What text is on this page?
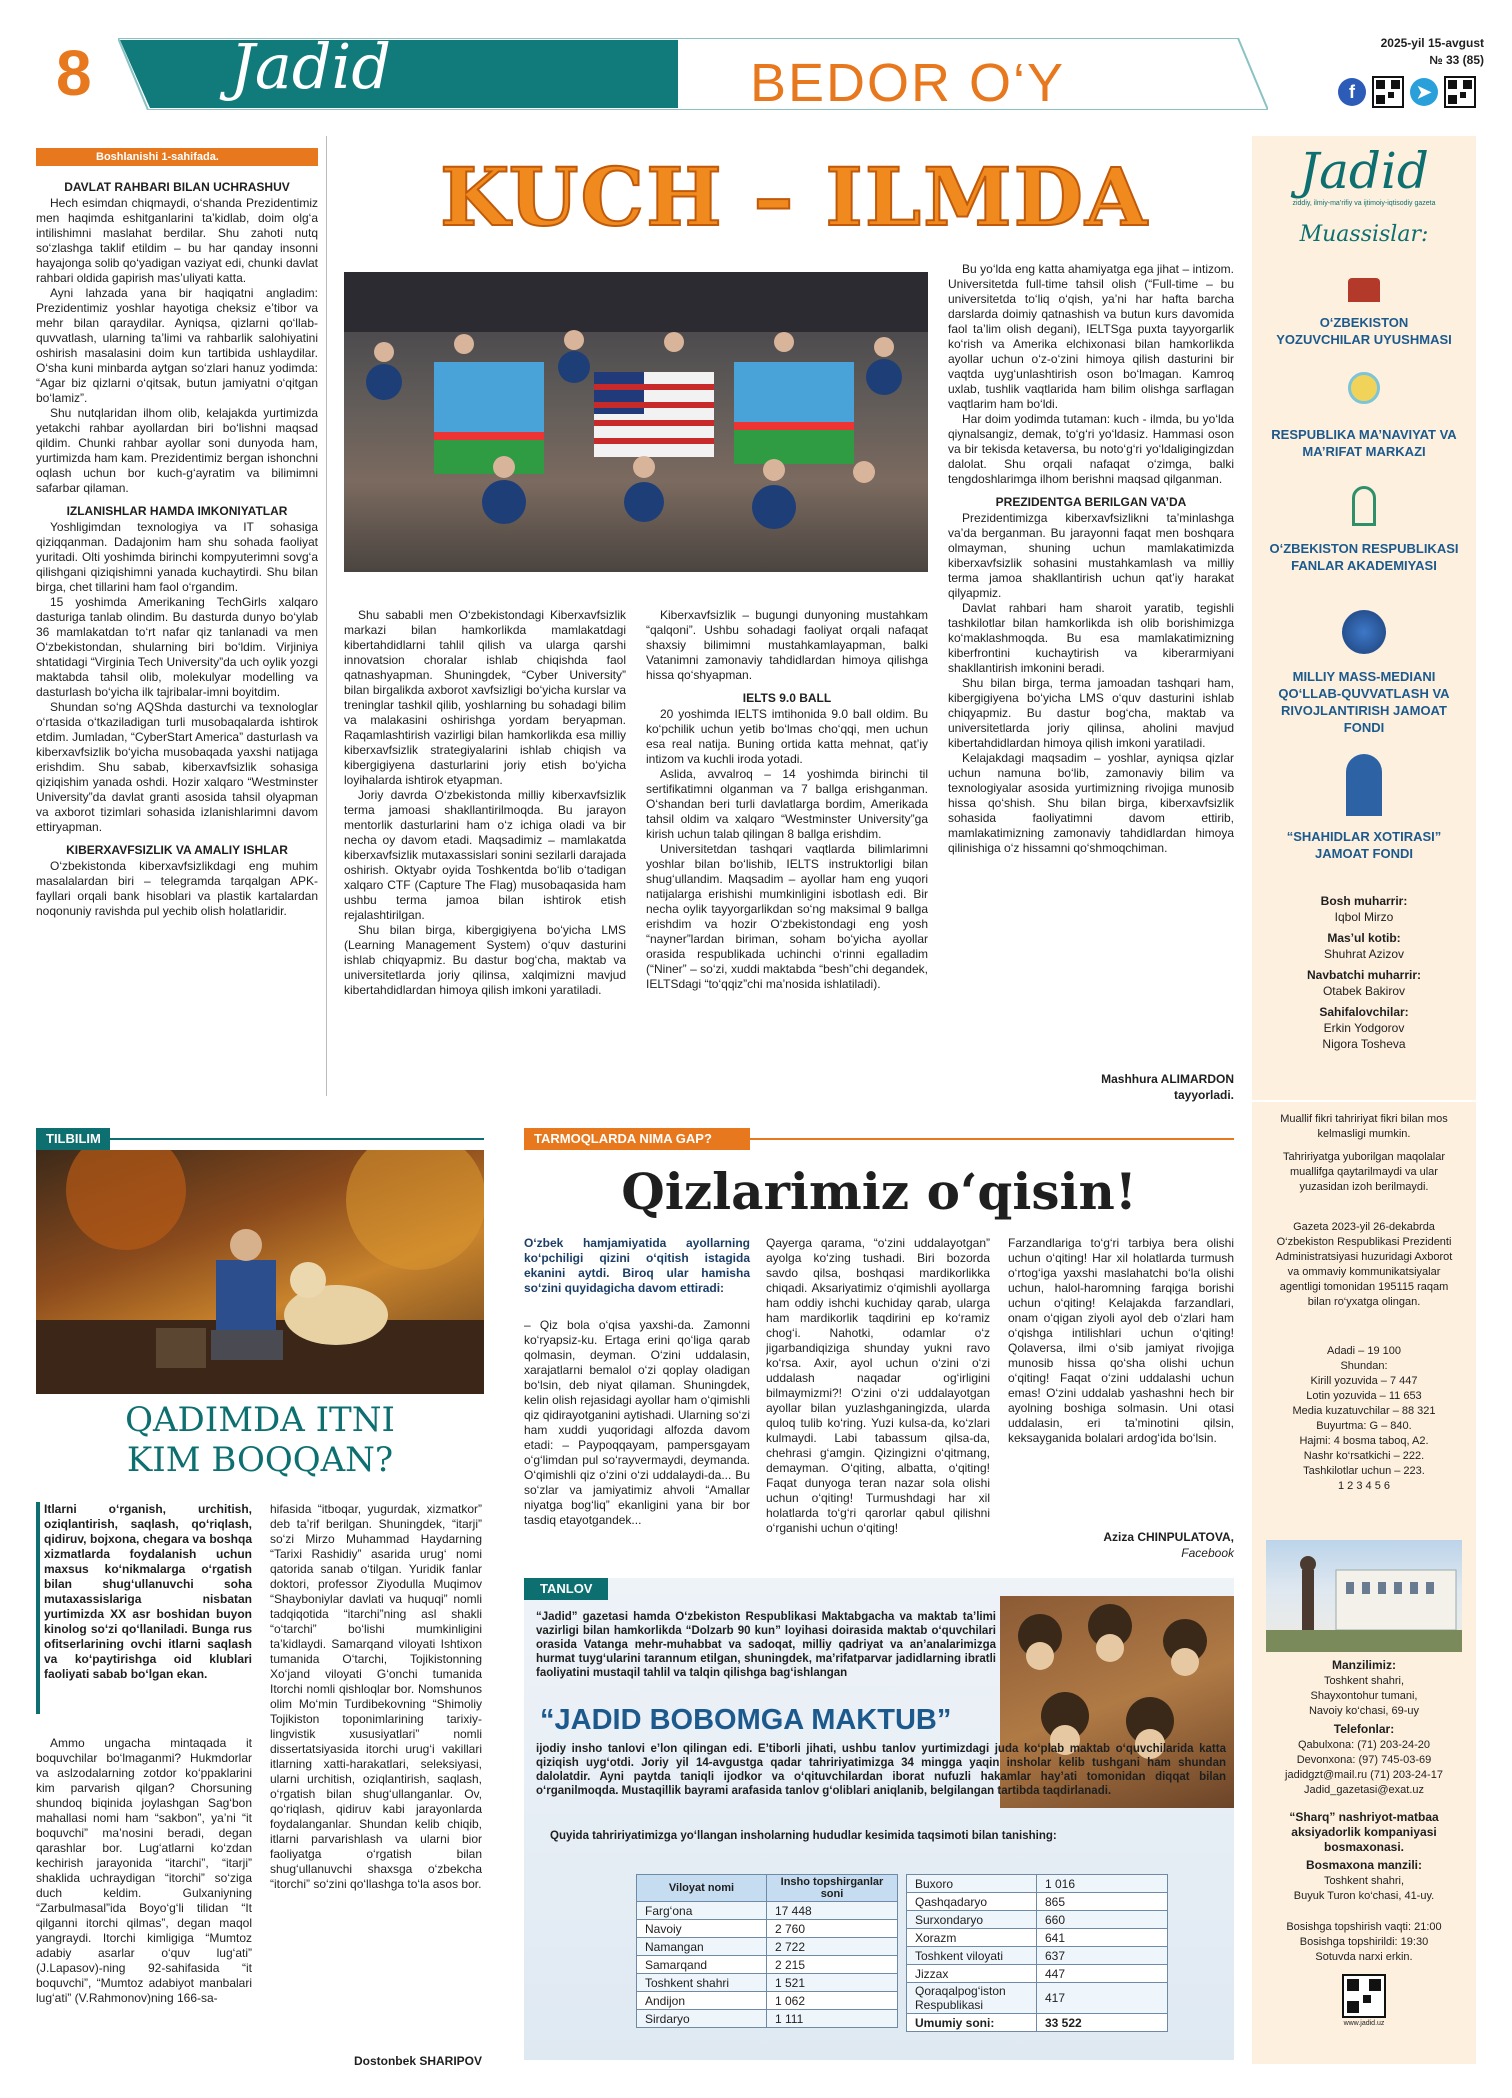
8 Jadid	BEDOR O‘Y
2025-yil 15-avgust
№ 33 (85)
f	➤
Boshlanishi 1-sahifada.	KUCH – ILMDA
DAVLAT RAHBARI BILAN UCHRASHUV

Hech esimdan chiqmaydi, o‘shanda Prezidentimiz men haqimda eshitganlarini ta’kidlab, doim olg‘a intilishimni maslahat berdilar. Shu zahoti nutq so‘zlashga taklif etildim – bu har qanday insonni hayajonga solib qo‘yadigan vaziyat edi, chunki davlat rahbari oldida gapirish mas’uliyati katta.

Ayni lahzada yana bir haqiqatni angladim: Prezidentimiz yoshlar hayotiga cheksiz e’tibor va mehr bilan qaraydilar. Ayniqsa, qizlarni qo‘llab-quvvatlash, ularning ta’limi va rahbarlik salohiyatini oshirish masalasini doim kun tartibida ushlaydilar. O‘sha kuni minbarda aytgan so‘zlari hanuz yodimda: “Agar biz qizlarni o‘qitsak, butun jamiyatni o‘qitgan bo‘lamiz”.

Shu nutqlaridan ilhom olib, kelajakda yurtimizda yetakchi rahbar ayollardan biri bo‘lishni maqsad qildim. Chunki rahbar ayollar soni dunyoda ham, yurtimizda ham kam. Prezidentimiz bergan ishonchni oqlash uchun bor kuch-g‘ayratim va bilimimni safarbar qilaman.

IZLANISHLAR HAMDA IMKONIYATLAR

Yoshligimdan texnologiya va IT sohasiga qiziqqanman. Dadajonim ham shu sohada faoliyat yuritadi. Olti yoshimda birinchi kompyuterimni sovg‘a qilishgani qiziqishimni yanada kuchaytirdi. Shu bilan birga, chet tillarini ham faol o‘rgandim.

15 yoshimda Amerikaning TechGirls xalqaro dasturiga tanlab olindim. Bu dasturda dunyo bo‘ylab 36 mamlakatdan to‘rt nafar qiz tanlanadi va men O‘zbekistondan, shularning biri bo‘ldim. Virjiniya shtatidagi “Virginia Tech University”da uch oylik yozgi maktabda tahsil olib, molekulyar modelling va dasturlash bo‘yicha ilk tajribalar-imni boyitdim.

Shundan so‘ng AQShda dasturchi va texnologlar o‘rtasida o‘tkaziladigan turli musobaqalarda ishtirok etdim. Jumladan, “CyberStart America” dasturlash va kiberxavfsizlik bo‘yicha musobaqada yaxshi natijaga erishdim. Shu sabab, kiberxavfsizlik sohasiga qiziqishim yanada oshdi. Hozir xalqaro “Westminster University”da davlat granti asosida tahsil olyapman va axborot tizimlari sohasida izlanishlarimni davom ettiryapman.

KIBERXAVFSIZLIK VA AMALIY ISHLAR

O‘zbekistonda kiberxavfsizlikdagi eng muhim masalalardan biri – telegramda tarqalgan APK-fayllari orqali bank hisoblari va plastik kartalardan noqonuniy ravishda pul yechib olish holatlaridir.

Shu sababli men O‘zbekistondagi Kiberxavfsizlik markazi bilan hamkorlikda mamlakatdagi kibertahdidlarni tahlil qilish va ularga qarshi innovatsion choralar ishlab chiqishda faol qatnashyapman. Shuningdek, “Cyber University” bilan birgalikda axborot xavfsizligi bo‘yicha kurslar va treninglar tashkil qilib, yoshlarning bu sohadagi bilim va malakasini oshirishga yordam beryapman. Raqamlashtirish vazirligi bilan hamkorlikda esa milliy kiberxavfsizlik strategiyalarini ishlab chiqish va kibergigiyena dasturlarini joriy etish bo‘yicha loyihalarda ishtirok etyapman.

Joriy davrda O‘zbekistonda milliy kiberxavfsizlik terma jamoasi shakllantirilmoqda. Bu jarayon mentorlik dasturlarini ham o‘z ichiga oladi va bir necha oy davom etadi. Maqsadimiz – mamlakatda kiberxavfsizlik mutaxassislari sonini sezilarli darajada oshirish. Oktyabr oyida Toshkentda bo‘lib o‘tadigan xalqaro CTF (Capture The Flag) musobaqasida ham ushbu terma jamoa bilan ishtirok etish rejalashtirilgan.

Shu bilan birga, kibergigiyena bo‘yicha LMS (Learning Management System) o‘quv dasturini ishlab chiqyapmiz. Bu dastur bog‘cha, maktab va universitetlarda joriy qilinsa, xalqimizni mavjud kibertahdidlardan himoya qilish imkoni yaratiladi.

Kiberxavfsizlik – bugungi dunyoning mustahkam “qalqoni”. Ushbu sohadagi faoliyat orqali nafaqat shaxsiy bilimimni mustahkamlayapman, balki Vatanimni zamonaviy tahdidlardan himoya qilishga hissa qo‘shyapman.

IELTS 9.0 BALL

20 yoshimda IELTS imtihonida 9.0 ball oldim. Bu ko‘pchilik uchun yetib bo‘lmas cho‘qqi, men uchun esa real natija. Buning ortida katta mehnat, qat’iy intizom va kuchli iroda yotadi.

Aslida, avvalroq – 14 yoshimda birinchi til sertifikatimni olganman va 7 ballga erishganman. O‘shandan beri turli davlatlarga bordim, Amerikada tahsil oldim va xalqaro “Westminster University”ga kirish uchun talab qilingan 8 ballga erishdim.

Universitetdan tashqari vaqtlarda bilimlarimni yoshlar bilan bo‘lishib, IELTS instruktorligi bilan shug‘ullandim. Maqsadim – ayollar ham eng yuqori natijalarga erishishi mumkinligini isbotlash edi. Bir necha oylik tayyorgarlikdan so‘ng maksimal 9 ballga erishdim va hozir O‘zbekistondagi eng yosh “nayner”lardan biriman, soham bo‘yicha ayollar orasida respublikada uchinchi o‘rinni egalladim (“Niner” – so‘zi, xuddi maktabda “besh”chi degandek, IELTSdagi “to‘qqiz”chi ma’nosida ishlatiladi).

Bu yo‘lda eng katta ahamiyatga ega jihat – intizom. Universitetda full-time tahsil olish (“Full-time – bu universitetda to‘liq o‘qish, ya’ni har hafta barcha darslarda doimiy qatnashish va butun kurs davomida faol ta’lim olish degani), IELTSga puxta tayyorgarlik ko‘rish va Amerika elchixonasi bilan hamkorlikda ayollar uchun o‘z-o‘zini himoya qilish dasturini bir vaqtda uyg‘unlashtirish oson bo‘lmagan. Kamroq uxlab, tushlik vaqtlarida ham bilim olishga sarflagan vaqtlarim ham bo‘ldi.

Har doim yodimda tutaman: kuch - ilmda, bu yo‘lda qiynalsangiz, demak, to‘g‘ri yo‘ldasiz. Hammasi oson va bir tekisda ketaversa, bu noto‘g‘ri yo‘ldaligingizdan dalolat. Shu orqali nafaqat o‘zimga, balki tengdoshlarimga ilhom berishni maqsad qilganman.

PREZIDENTGA BERILGAN VA’DA

Prezidentimizga kiberxavfsizlikni ta’minlashga va’da berganman. Bu jarayonni faqat men boshqara olmayman, shuning uchun mamlakatimizda kiberxavfsizlik sohasini mustahkamlash va milliy terma jamoa shakllantirish uchun qat’iy harakat qilyapmiz.

Davlat rahbari ham sharoit yaratib, tegishli tashkilotlar bilan hamkorlikda ish olib borishimizga ko‘maklashmoqda. Bu esa mamlakatimizning kiberfrontini kuchaytirish va kiberarmiyani shakllantirish imkonini beradi.

Shu bilan birga, terma jamoadan tashqari ham, kibergigiyena bo‘yicha LMS o‘quv dasturini ishlab chiqyapmiz. Bu dastur bog‘cha, maktab va universitetlarda joriy qilinsa, aholini mavjud kibertahdidlardan himoya qilish imkoni yaratiladi.

Kelajakdagi maqsadim – yoshlar, ayniqsa qizlar uchun namuna bo‘lib, zamonaviy bilim va texnologiyalar asosida yurtimizning rivojiga munosib hissa qo‘shish. Shu bilan birga, kiberxavfsizlik sohasida faoliyatimni davom ettirib, mamlakatimizning zamonaviy tahdidlardan himoya qilinishiga o‘z hissamni qo‘shmoqchiman.

Mashhura ALIMARDON
tayyorladi.
TILBILIM
QADIMDA ITNI
KIM BOQQAN?
Itlarni o‘rganish, urchitish, oziqlantirish, saqlash, qo‘riqlash, qidiruv, bojxona, chegara va boshqa xizmatlarda foydalanish uchun maxsus ko‘nikmalarga o‘rgatish bilan shug‘ullanuvchi soha mutaxassislariga nisbatan yurtimizda XX asr boshidan buyon kinolog so‘zi qo‘llaniladi. Bunga rus ofitserlarining ovchi itlarni saqlash va ko‘paytirishga oid klublari faoliyati sabab bo‘lgan ekan.
Ammo ungacha mintaqada it boquvchilar bo‘lmaganmi? Hukmdorlar va aslzodalarning zotdor ko‘ppaklarini kim parvarish qilgan? Chorsuning shundoq biqinida joylashgan Sag‘bon mahallasi nomi ham “sakbon”, ya’ni “it boquvchi” ma’nosini beradi, degan qarashlar bor. Lug‘atlarni ko‘zdan kechirish jarayonida “itarchi”, “itarji” shaklida uchraydigan “itorchi” so‘ziga duch keldim. Gulxaniyning “Zarbulmasal”ida Boyo‘g‘li tilidan “It qilganni itorchi qilmas”, degan maqol yangraydi. Itorchi kimligiga “Mumtoz adabiy asarlar o‘quv lug‘ati” (J.Lapasov)-ning 92-sahifasida “it boquvchi”, “Mumtoz adabiyot manbalari lug‘ati” (V.Rahmonov)ning 166-sa-
hifasida “itboqar, yugurdak, xizmatkor” deb ta’rif berilgan. Shuningdek, “itarji” so‘zi Mirzo Muhammad Haydarning “Tarixi Rashidiy” asarida urug‘ nomi qatorida sanab o‘tilgan. Yuridik fanlar doktori, professor Ziyodulla Muqimov “Shayboniylar davlati va huquqi” nomli tadqiqotida “itarchi”ning asl shakli “o‘tarchi” bo‘lishi mumkinligini ta’kidlaydi. Samarqand viloyati Ishtixon tumanida O‘tarchi, Tojikistonning Xo‘jand viloyati G‘onchi tumanida Itorchi nomli qishloqlar bor. Nomshunos olim Mo‘min Turdibekovning “Shimoliy Tojikiston toponimlarining tarixiy-lingvistik xususiyatlari” nomli dissertatsiyasida itorchi urug‘i vakillari itlarning xatti-harakatlari, seleksiyasi, ularni urchitish, oziqlantirish, saqlash, o‘rgatish bilan shug‘ullanganlar. Ov, qo‘riqlash, qidiruv kabi jarayonlarda foydalanganlar. Shundan kelib chiqib, itlarni parvarishlash va ularni bior faoliyatga o‘rgatish bilan shug‘ullanuvchi shaxsga o‘zbekcha “itorchi” so‘zini qo‘llashga to‘la asos bor.
Dostonbek SHARIPOV
TARMOQLARDA NIMA GAP?
Qizlarimiz o‘qisin!
O‘zbek hamjamiyatida ayollarning ko‘pchiligi qizini o‘qitish istagida ekanini aytdi. Biroq ular hamisha so‘zini quyidagicha davom ettiradi:
– Qiz bola o‘qisa yaxshi-da. Zamonni ko‘ryapsiz-ku. Ertaga erini qo‘liga qarab qolmasin, deyman. O‘zini uddalasin, xarajatlarni bemalol o‘zi qoplay oladigan bo‘lsin, deb niyat qilaman. Shuningdek, kelin olish rejasidagi ayollar ham o‘qimishli qiz qidirayotganini aytishadi. Ularning so‘zi ham xuddi yuqoridagi alfozda davom etadi: – Paypoqqayam, pampersgayam o‘g‘limdan pul so‘rayvermaydi, deymanda. O‘qimishli qiz o‘zini o‘zi uddalaydi-da... Bu so‘zlar va jamiyatimiz ahvoli “Amallar niyatga bog‘liq” ekanligini yana bir bor tasdiq etayotgandek...
Qayerga qarama, “o‘zini uddalayotgan” ayolga ko‘zing tushadi. Biri bozorda savdo qilsa, boshqasi mardikorlikka chiqadi. Aksariyatimiz o‘qimishli ayollarga ham oddiy ishchi kuchiday qarab, ularga ham mardikorlik taqdirini ep ko‘ramiz chog‘i. Nahotki, odamlar o‘z jigarbandiqiziga shunday yukni ravo ko‘rsa. Axir, ayol uchun o‘zini o‘zi uddalash naqadar og‘irligini bilmaymizmi?! O‘zini o‘zi uddalayotgan ayollar bilan yuzlashganingizda, ularda quloq tulib ko‘ring. Yuzi kulsa-da, ko‘zlari kulmaydi. Labi tabassum qilsa-da, chehrasi g‘amgin. Qizingizni o‘qitmang, demayman. O‘qiting, albatta, o‘qiting! Faqat dunyoga teran nazar sola olishi uchun o‘qiting! Turmushdagi har xil holatlarda to‘g‘ri qarorlar qabul qilishni o‘rganishi uchun o‘qiting!
Farzandlariga to‘g‘ri tarbiya bera olishi uchun o‘qiting! Har xil holatlarda turmush o‘rtog‘iga yaxshi maslahatchi bo‘la olishi uchun, halol-haromning farqiga borishi uchun o‘qiting! Kelajakda farzandlari, onam o‘qigan ziyoli ayol deb o‘zlari ham o‘qishga intilishlari uchun o‘qiting! Qolaversa, ilmi o‘sib jamiyat rivojiga munosib hissa qo‘sha olishi uchun o‘qiting! Faqat o‘zini uddalashi uchun emas! O‘zini uddalab yashashni hech bir ayolning boshiga solmasin. Uni otasi uddalasin, eri ta’minotini qilsin, keksayganida bolalari ardog‘ida bo‘lsin.
Aziza CHINPULATOVA,
Facebook
TANLOV
“Jadid” gazetasi hamda O‘zbekiston Respublikasi Maktabgacha va maktab ta’limi vazirligi bilan hamkorlikda “Dolzarb 90 kun” loyihasi doirasida maktab o‘quvchilari orasida Vatanga mehr-muhabbat va sadoqat, milliy qadriyat va an’analarimizga hurmat tuyg‘ularini tarannum etilgan, shuningdek, ma’rifatparvar jadidlarning ibratli faoliyatini mustaqil tahlil va talqin qilishga bag‘ishlangan
“JADID BOBOMGA MAKTUB”
ijodiy insho tanlovi e’lon qilingan edi. E’tiborli jihati, ushbu tanlov yurtimizdagi juda ko‘plab maktab o‘quvchilarida katta qiziqish uyg‘otdi. Joriy yil 14-avgustga qadar tahririyatimizga 34 mingga yaqin insholar kelib tushgani ham shundan dalolatdir. Ayni paytda taniqli ijodkor va o‘qituvchilardan iborat nufuzli hakamlar hay’ati tomonidan diqqat bilan o‘rganilmoqda. Mustaqillik bayrami arafasida tanlov g‘oliblari aniqlanib, belgilangan tartibda taqdirlanadi.
Quyida tahririyatimizga yo‘llangan insholarning hududlar kesimida taqsimoti bilan tanishing:
Viloyat nomi	Insho topshirganlar soni
Farg‘ona	17 448
Navoiy	2 760
Namangan	2 722
Samarqand	2 215
Toshkent shahri	1 521
Andijon	1 062
Sirdaryo	1 111
Buxoro	1 016
Qashqadaryo	865
Surxondaryo	660
Xorazm	641
Toshkent viloyati	637
Jizzax	447
Qoraqalpog‘iston Respublikasi	417
Umumiy soni:	33 522
Jadid
ziddiy, ilmiy-ma’rifiy va ijtimoiy-iqtisodiy gazeta
Muassislar:
O‘ZBEKISTON YOZUVCHILAR UYUSHMASI
RESPUBLIKA MA’NAVIYAT VA MA’RIFAT MARKAZI
O‘ZBEKISTON RESPUBLIKASI FANLAR AKADEMIYASI
MILLIY MASS-MEDIANI QO‘LLAB-QUVVATLASH VA RIVOJLANTIRISH JAMOAT FONDI
“SHAHIDLAR XOTIRASI” JAMOAT FONDI
Bosh muharrir:
Iqbol Mirzo
Mas’ul kotib:
Shuhrat Azizov
Navbatchi muharrir:
Otabek Bakirov
Sahifalovchilar:
Erkin Yodgorov
Nigora Tosheva
Muallif fikri tahririyat fikri bilan mos kelmasligi mumkin.
Tahririyatga yuborilgan maqolalar muallifga qaytarilmaydi va ular yuzasidan izoh berilmaydi.
Gazeta 2023-yil 26-dekabrda O‘zbekiston Respublikasi Prezidenti Administratsiyasi huzuridagi Axborot va ommaviy kommunikatsiyalar agentligi tomonidan 195115 raqam bilan ro‘yxatga olingan.
Adadi – 19 100
Shundan:
Kirill yozuvida – 7 447
Lotin yozuvida – 11 653
Media kuzatuvchilar – 88 321
Buyurtma: G – 840.
Hajmi: 4 bosma taboq, A2.
Nashr ko‘rsatkichi – 222.
Tashkilotlar uchun – 223.
1 2 3 4 5 6
Manzilimiz:
Toshkent shahri,
Shayxontohur tumani,
Navoiy ko‘chasi, 69-uy
Telefonlar:
Qabulxona: (71) 203-24-20
Devonxona: (97) 745-03-69
jadidgzt@mail.ru (71) 203-24-17
Jadid_gazetasi@exat.uz
“Sharq” nashriyot-matbaa aksiyadorlik kompaniyasi bosmaxonasi.
Bosmaxona manzili:
Toshkent shahri,
Buyuk Turon ko‘chasi, 41-uy.
Bosishga topshirish vaqti: 21:00
Bosishga topshirildi: 19:30
Sotuvda narxi erkin.
www.jadid.uz
